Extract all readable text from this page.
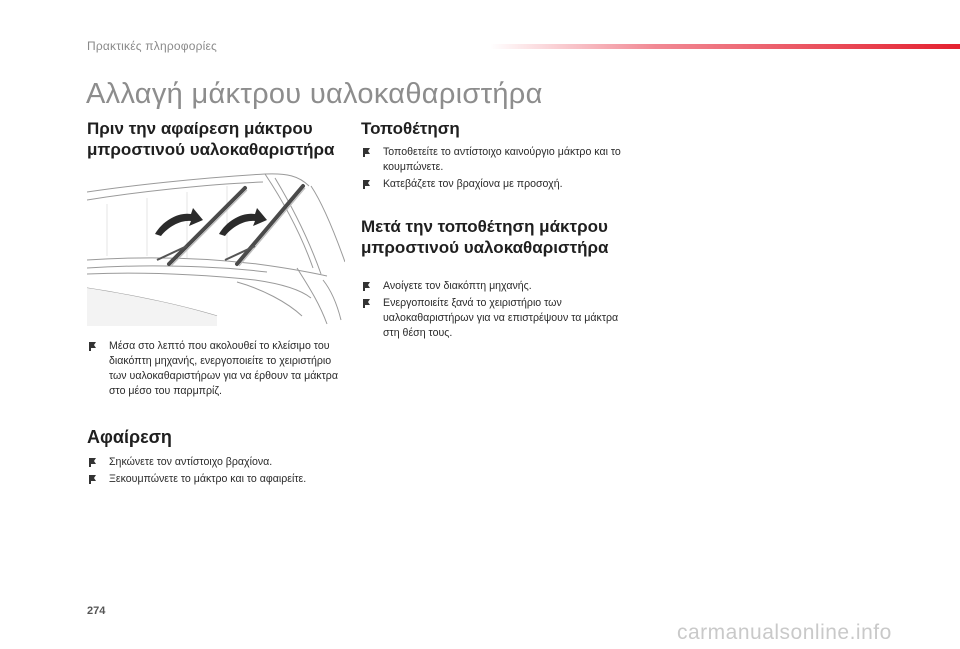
Πρακτικές πληροφορίες
Αλλαγή μάκτρου υαλοκαθαριστήρα
Πριν την αφαίρεση μάκτρου μπροστινού υαλοκαθαριστήρα
Μέσα στο λεπτό που ακολουθεί το κλείσιμο του διακόπτη μηχανής, ενεργοποιείτε το χειριστήριο των υαλοκαθαριστήρων για να έρθουν τα μάκτρα στο μέσο του παρμπρίζ.
Αφαίρεση
Σηκώνετε τον αντίστοιχο βραχίονα.
Ξεκουμπώνετε το μάκτρο και το αφαιρείτε.
Τοποθέτηση
Τοποθετείτε το αντίστοιχο καινούργιο μάκτρο και το κουμπώνετε.
Κατεβάζετε τον βραχίονα με προσοχή.
Μετά την τοποθέτηση μάκτρου μπροστινού υαλοκαθαριστήρα
Ανοίγετε τον διακόπτη μηχανής.
Ενεργοποιείτε ξανά το χειριστήριο των υαλοκαθαριστήρων για να επιστρέψουν τα μάκτρα στη θέση τους.
274
carmanualsonline.info
